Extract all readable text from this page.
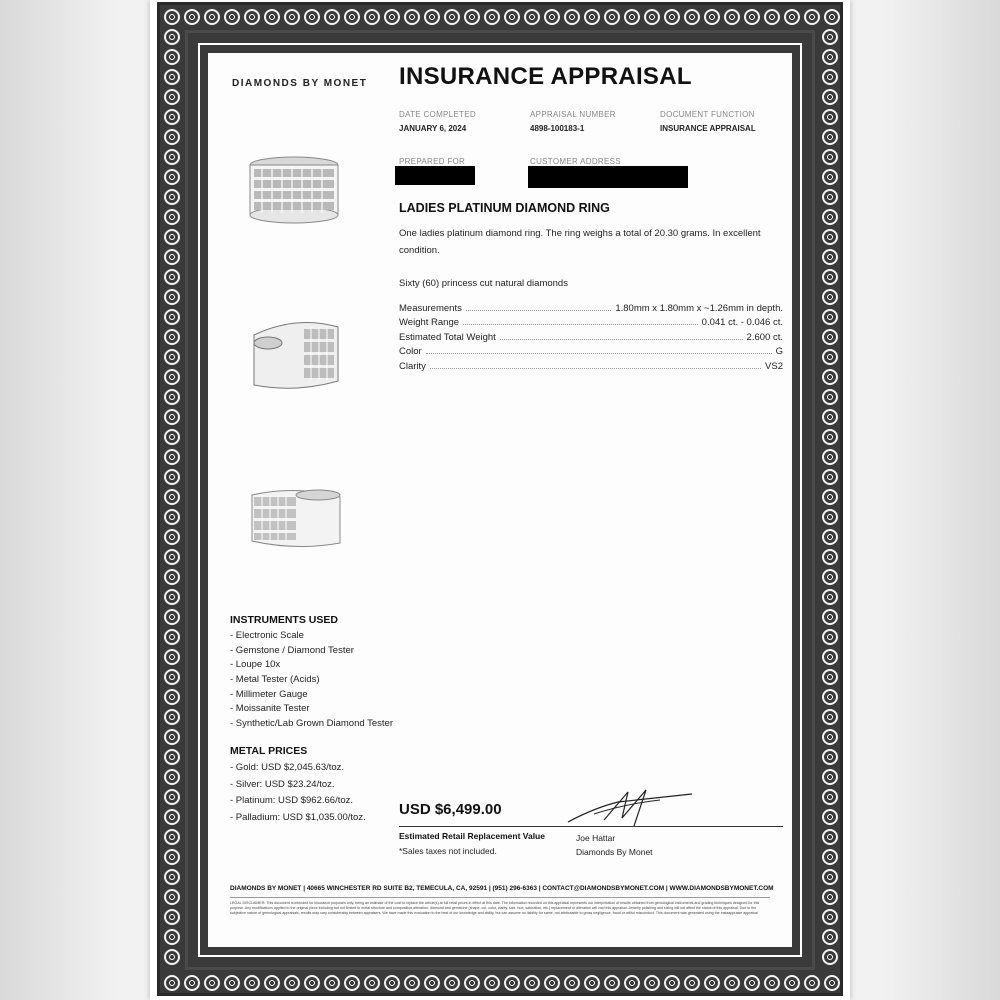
DIAMONDS BY MONET INSURANCE APPRAISAL
DATE COMPLETED
JANUARY 6, 2024
APPRAISAL NUMBER
4898-100183-1
DOCUMENT FUNCTION
INSURANCE APPRAISAL
PREPARED FOR	CUSTOMER ADDRESS
LADIES PLATINUM DIAMOND RING
One ladies platinum diamond ring. The ring weighs a total of 20.30 grams. In excellent condition.
Sixty (60) princess cut natural diamonds
Measurements	1.80mm x 1.80mm x ~1.26mm in depth.
Weight Range	0.041 ct. - 0.046 ct.
Estimated Total Weight	2.600 ct.
Color	G
Clarity	VS2
INSTRUMENTS USED
- Electronic Scale
- Gemstone / Diamond Tester
- Loupe 10x
- Metal Tester (Acids)
- Millimeter Gauge
- Moissanite Tester
- Synthetic/Lab Grown Diamond Tester
METAL PRICES
- Gold: USD $2,045.63/toz.
- Silver: USD $23.24/toz.
- Platinum: USD $962.66/toz.
- Palladium: USD $1,035.00/toz. USD $6,499.00
Estimated Retail Replacement Value
*Sales taxes not included.
Joe Hattar
Diamonds By Monet
DIAMONDS BY MONET | 40665 WINCHESTER RD SUITE B2, TEMECULA, CA, 92591 | (951) 296-6363 | CONTACT@DIAMONDSBYMONET.COM | WWW.DIAMONDSBYMONET.COM
LEGAL DISCLAIMER: This document is intended for insurance purposes only, being an estimate of the cost to replace the article(s) at full retail prices in effect at this date. The information recorded on this appraisal represents our interpretation of results obtained from gemological instruments and grading techniques designed for this purpose. Any modifications applied to the original piece including but not limited to metal structure and composition alteration, diamond and gemstone (shape, cut, color, clarity, size, hue, saturation, etc.) replacement or alteration will void this appraisal. Jewelry polishing and sizing will not affect the status of this appraisal. Due to the subjective nature of gemological appraisals, results may vary considerably between appraisers. We have made this evaluation to the best of our knowledge and ability, but can assume no liability for same, not attributable to gross negligence, fraud or willful misconduct. This document was generated using the Instaappraise appraisal
